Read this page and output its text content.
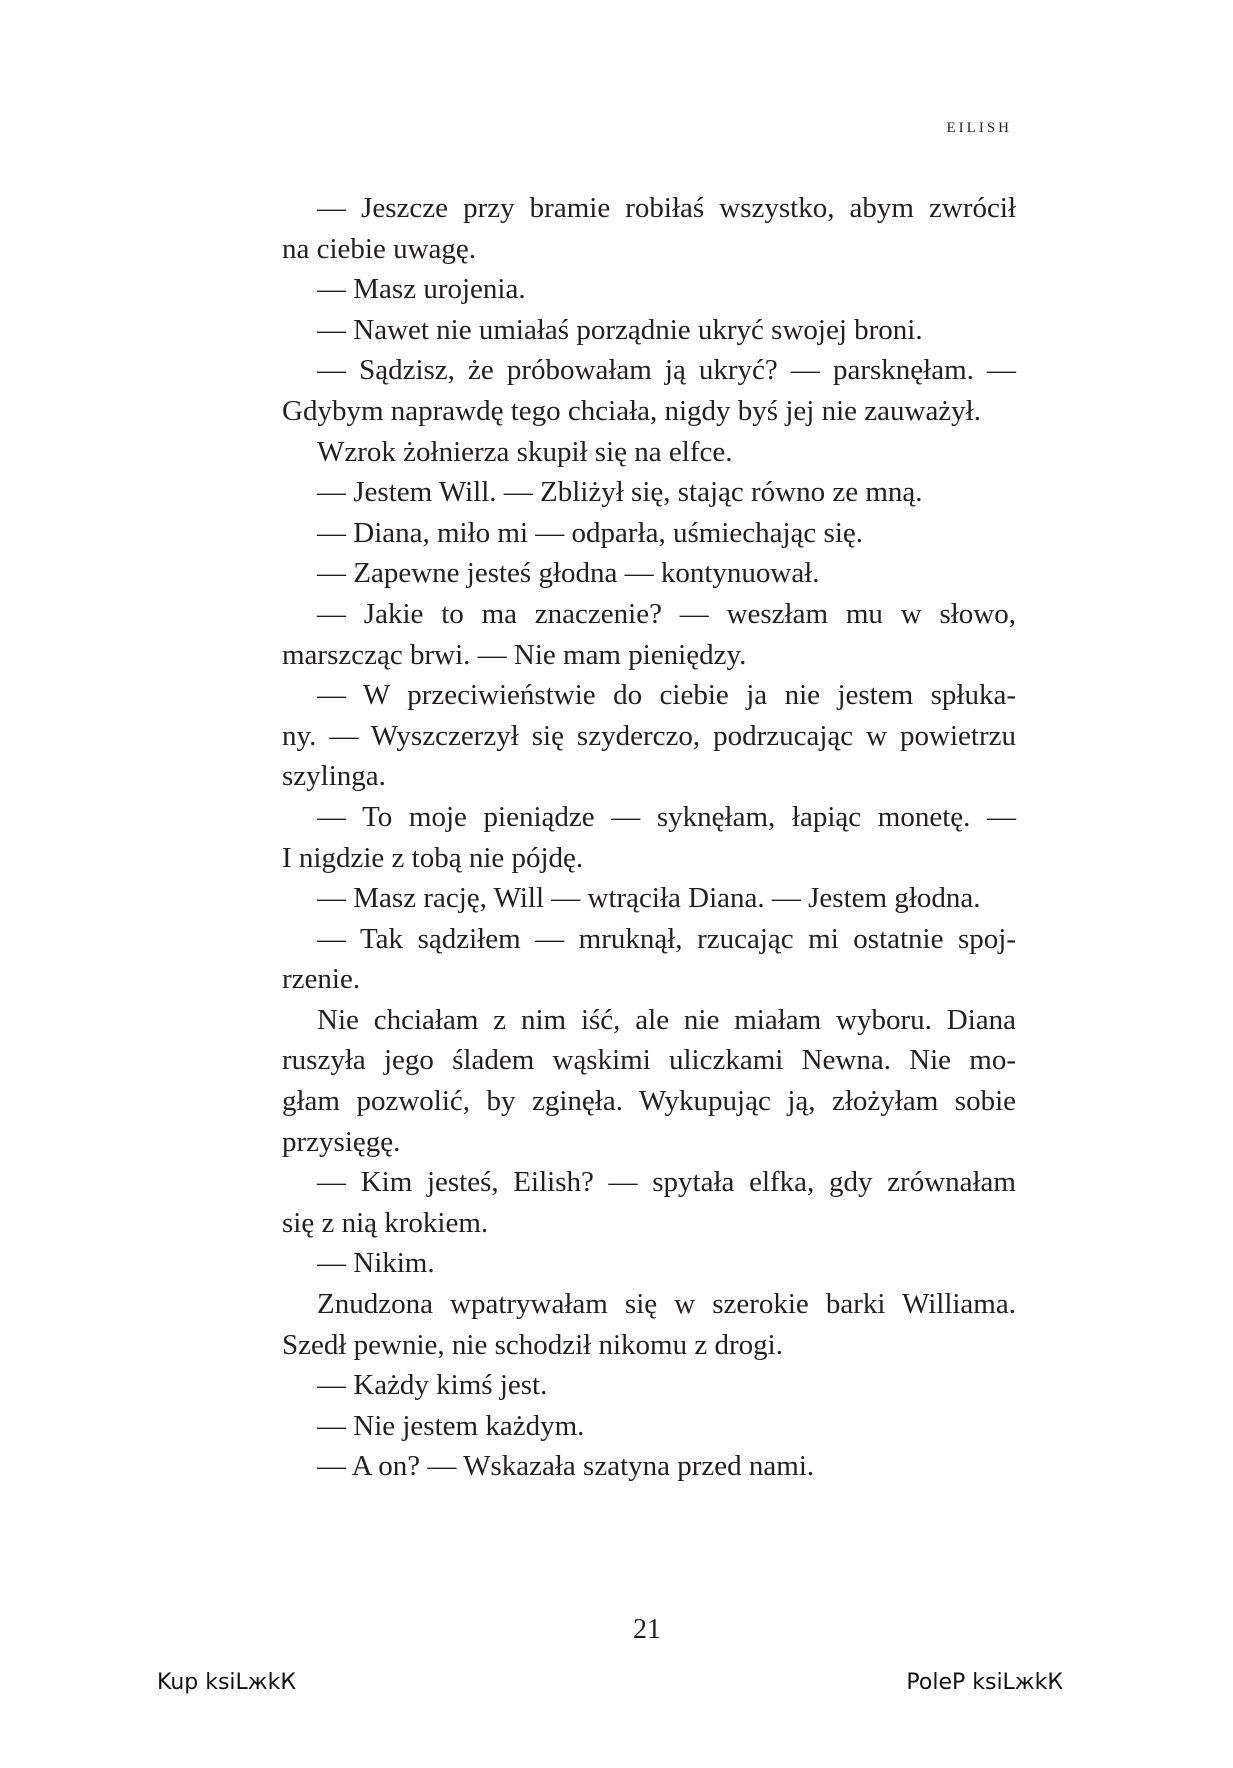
EILISH
— Jeszcze przy bramie robiłaś wszystko, abym zwrócił
na ciebie uwagę.
— Masz urojenia.
— Nawet nie umiałaś porządnie ukryć swojej broni.
— Sądzisz, że próbowałam ją ukryć? — parsknęłam. —
Gdybym naprawdę tego chciała, nigdy byś jej nie zauważył.
Wzrok żołnierza skupił się na elfce.
— Jestem Will. — Zbliżył się, stając równo ze mną.
— Diana, miło mi — odparła, uśmiechając się.
— Zapewne jesteś głodna — kontynuował.
— Jakie to ma znaczenie? — weszłam mu w słowo,
marszcząc brwi. — Nie mam pieniędzy.
— W przeciwieństwie do ciebie ja nie jestem spłuka-
ny. — Wyszczerzył się szyderczo, podrzucając w powietrzu
szylinga.
— To moje pieniądze — syknęłam, łapiąc monetę. —
I nigdzie z tobą nie pójdę.
— Masz rację, Will — wtrąciła Diana. — Jestem głodna.
— Tak sądziłem — mruknął, rzucając mi ostatnie spoj-
rzenie.
Nie chciałam z nim iść, ale nie miałam wyboru. Diana
ruszyła jego śladem wąskimi uliczkami Newna. Nie mo-
głam pozwolić, by zginęła. Wykupując ją, złożyłam sobie
przysięgę.
— Kim jesteś, Eilish? — spytała elfka, gdy zrównałam
się z nią krokiem.
— Nikim.
Znudzona wpatrywałam się w szerokie barki Williama.
Szedł pewnie, nie schodził nikomu z drogi.
— Każdy kimś jest.
— Nie jestem każdym.
— A on? — Wskazała szatyna przed nami.
21
Kup ksiLжkК	PoleР ksiLжkК
